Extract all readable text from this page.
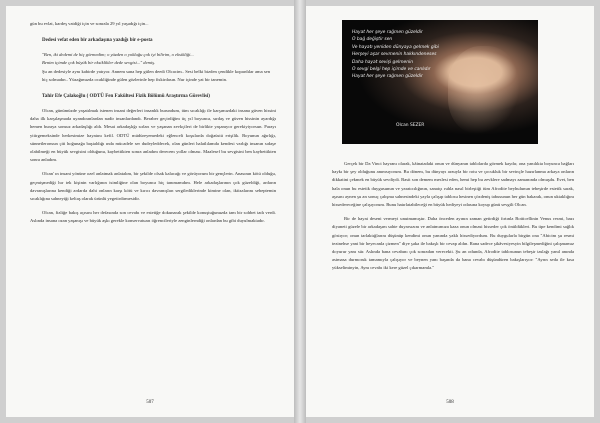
gün bu evlat, kardeş vatdiği için ve sonrala 29 yıl yaşadığı için...

Dedesi vefat eden bir arkadaşına yazdığı bir e-posta

"Ben, iki dedemi de hiç görmedim; o yüzden o yokluğu çok iyi bilirim, o eksikliği...

Benim içimde çok büyük bir eksiklikler dede sevgisi..." demiş.

Şu an dedesiyle aynı kabirde yatıyor. Annem sana hep gülen deedi Olcacim.. Sesi belki bizden çendikle kopardılar ama sen hiç solmadın.. Yüzağımızda ocakliğinde gülen gözlerinle hep fiskirdasın. Nur içinde yat bir tanemin.

Tahir Efe Çalakoğlu ( ODTÜ Fen Fakültesi Fizik Bölümü Araştırma Görevlisi)

Olcan, günümüzde yaşatılmak istenen insani değerleri insanlık burundum, tüm sıcaklığı ile karşımızdaki insana güven hissini daha ilk karşılaşmada uyandıranlardan nadir insanlardandı. Beraber geçirdiğim üç yıl boyunca, sırdaş ve güven hissinin ayardığı hemen buraya sonsuz arkadaşlığı aldı. Mesai arkadaşlığı sırları ve yaşanan zevkçileri de birlikte yaşanıyor gerekiyiyorsun. Parayı yitirgemeksinde herkesimize hayatını kefil. ODTÜ müdüreyemedeki eğlenceli koşularda doğaüstü erişilik. Boyunun ağırlığı, sünnetleronsun çiti hoğunağa baştaldığı ında mücadele ser dudeyleddecek, olan günleri halatlılamda kendesi varlığı insanın sıdaşe olabilmeği en büyük sevgisini olduğunu, kaybettikten sonra anladım derecem yollar olması. Maalesef bu sevgisini ben kaybettikten sonra anladım.

Olcan' ın insani yönüne ozel anlatmak anlatalım, bir şekilde olsak kalacağı ve görüyorum bir gençlerin. Anasının kötü olduğu, geçmişmediği hır tek kişinin varlığının isimliğine olan boyunca hiç tanımamdım. Hele arkadaşlarının çok güzeldiği, ardarın davranışlarına kendiği ardarda dahi onların karşı kötü ve kırıcı davranışları sergilediklerinde kimine olan, iktizalarını sebeptemin sıcaklığına sahneyiği keltaş olarak ürünlü yegetirdirmesidir.

Olcan, fizliğe bakış açısını her defasında son cevabı ve estetiğe dokunarak şekilde konuştuğunuzda tam bir sohbet tadı verdi. Aslında insana ozan yaşanışı ve büyük aşkı gerekle konservatuarı öğrencileriyle zenginlerndiği onlardan bu gibi duyulmaktadır.

507
Hayat her şeye rağmen güzeldir
O bağ değiştir sen
Ve hayatı yeniden dünyaya gelmek gibi
Herşeyi aşar sevmenin hakkındeneses
Daha hayat sevişi gelmenin
O sevgi belgi hep içimde ve canlıdır
Hayat her şeye rağmen güzeldir
Olcan SEZER

Gerçek bir Da Vinci hayranı olarak, kâinatadaki onun ve dünyanın tablolarda görmek kaydır, ona yanılıkta boyunca bağları haykı bir şey olduğunu anımsıyorum. Bu dönem, bu dünyayı arzuyla bir rotu ve çocukluk bir sevinçle hazırlanma arkaya onların dikkatini çekmek en büyük sevdiydi. Basit son demem meslesi eden, hemi hep bu zevklere sadmayı zamanında olmuşdu. Evet, ben hala onun bu estetik duygusunun ve yaratıcılığının, sanatçı ruhla nasıl birleştiği tüm Afrodite beyhulunun tebeşirde estetik sarak, aşısını aynen şu an sonuç çalışma sahnesindeki yayla çalışıp tablosu hesinen çözdeniş tabusunun her gün bakarak, onun uktaklığını hissedereceğine çalışıyorum. Bunu hatırlatabileceği en büyük hediyeyi odasına koyup günü sevgili Olcan.

Bir de hayat deseni vermeyi unutmamıştır. Daha önceden ayının zaman getirdiği fırtınla Botticellinin Venus resmi, bazı diyaneti güzele bir arkadaşım sahte duyarsızını ve anlatmımıza kaza onun olmasi hisseder çok önüldükleri. Bu tipe kendimi sağlık göstıyor; onun tarlaktığlarını düşünüp kendimi onun yanında yaklı hissediyordum. Bu duygularla birgün ona "Abicim şu resmi tezinehse yani bir heyecanla çizmen" diye şaka ile bakışlı bir cevap aldın. Rana sadece şikâvesiyesyin bilgileşmediğini çalışmamız doyurur yanı sür. Aslında bana cevabını çok sonradan verecekti. Şu an odunda, Afrodite tablosunun tebeşir taslağı yanıl anında asimasa durmoruk tamamıyla çalışıyor ve beynen yanı başında da bana cevabı düşündüren bakışlarıyor: "Ayrın seda ile kısa yükseliminyin, Aynı cevabı iki kere güzel çıkarmamla."

508
